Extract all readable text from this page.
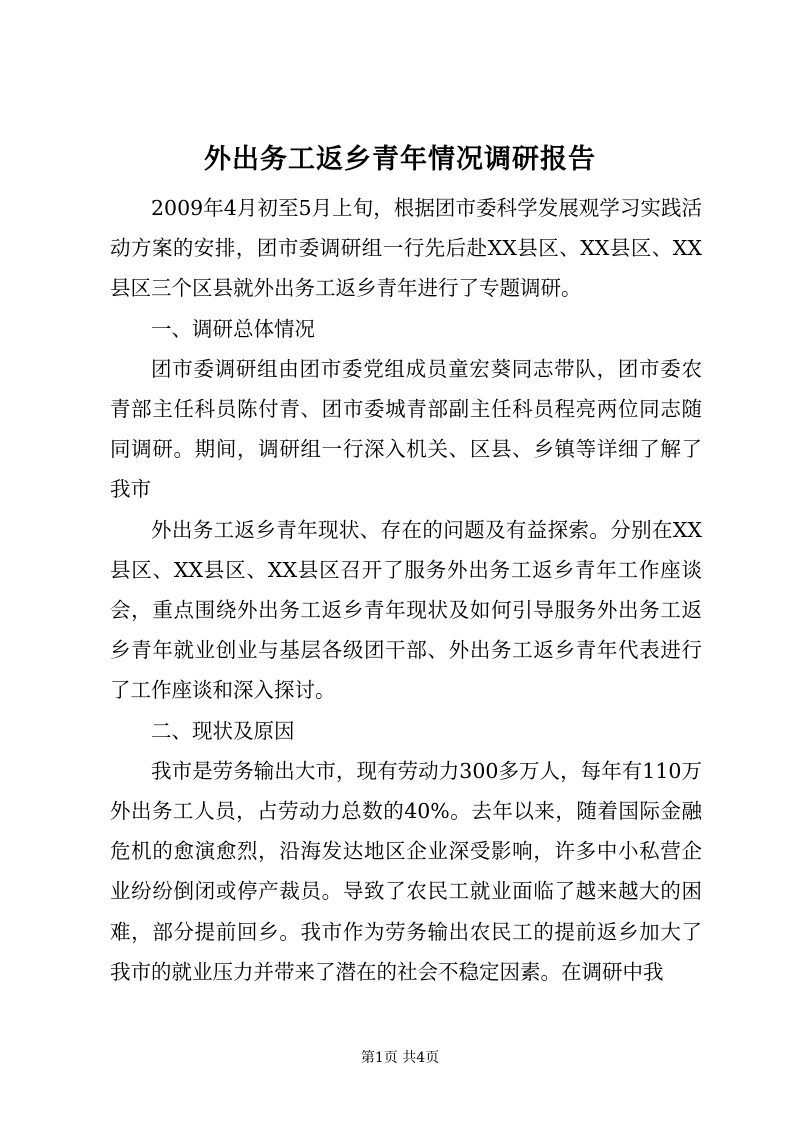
外出务工返乡青年情况调研报告

2009年4月初至5月上旬，根据团市委科学发展观学习实践活动方案的安排，团市委调研组一行先后赴XX县区、XX县区、XX县区三个区县就外出务工返乡青年进行了专题调研。

一、调研总体情况

团市委调研组由团市委党组成员童宏葵同志带队，团市委农青部主任科员陈付青、团市委城青部副主任科员程亮两位同志随同调研。期间，调研组一行深入机关、区县、乡镇等详细了解了我市

外出务工返乡青年现状、存在的问题及有益探索。分别在XX县区、XX县区、XX县区召开了服务外出务工返乡青年工作座谈会，重点围绕外出务工返乡青年现状及如何引导服务外出务工返乡青年就业创业与基层各级团干部、外出务工返乡青年代表进行了工作座谈和深入探讨。

二、现状及原因

我市是劳务输出大市，现有劳动力300多万人，每年有110万外出务工人员，占劳动力总数的40%。去年以来，随着国际金融危机的愈演愈烈，沿海发达地区企业深受影响，许多中小私营企业纷纷倒闭或停产裁员。导致了农民工就业面临了越来越大的困难，部分提前回乡。我市作为劳务输出农民工的提前返乡加大了我市的就业压力并带来了潜在的社会不稳定因素。在调研中我

第1页 共4页
